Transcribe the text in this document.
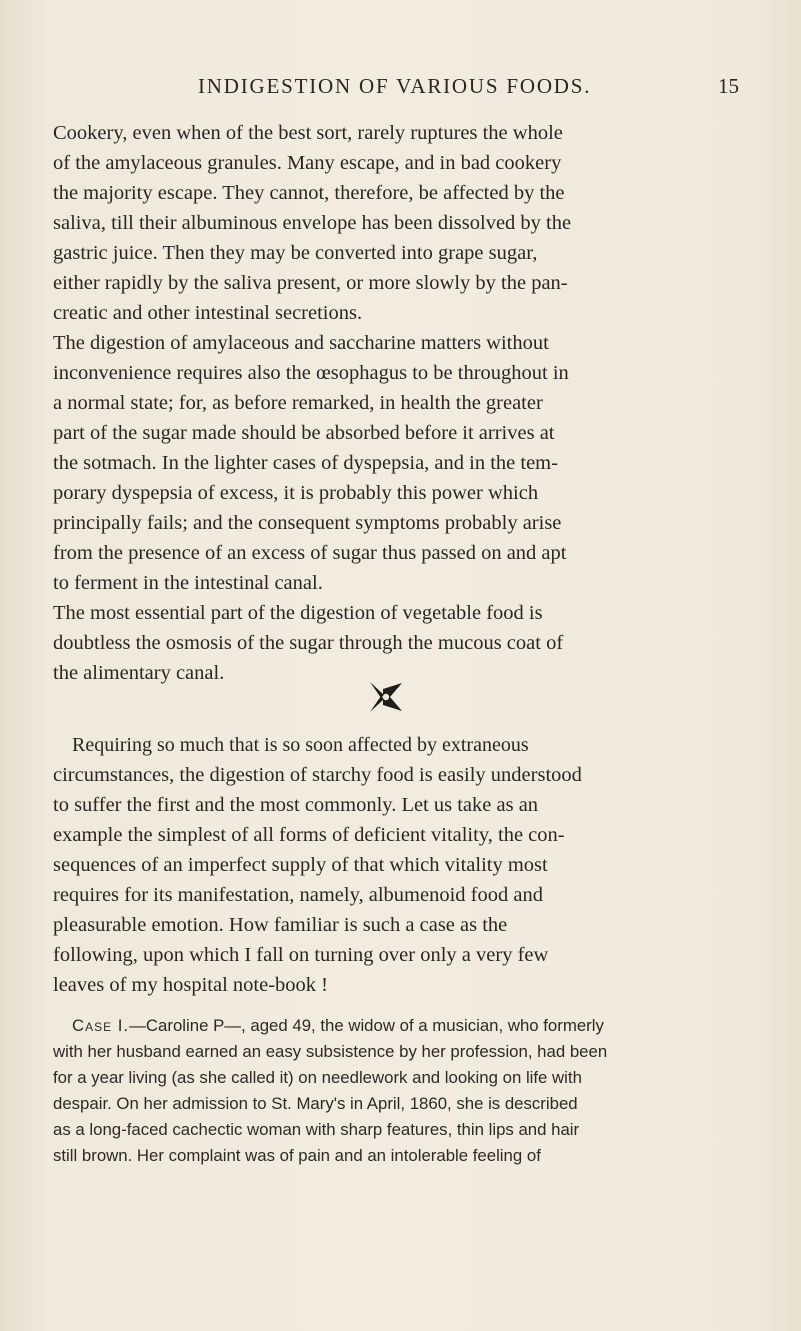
INDIGESTION OF VARIOUS FOODS.	15
Cookery, even when of the best sort, rarely ruptures the whole
of the amylaceous granules. Many escape, and in bad cookery
the majority escape. They cannot, therefore, be affected by the
saliva, till their albuminous envelope has been dissolved by the
gastric juice. Then they may be converted into grape sugar,
either rapidly by the saliva present, or more slowly by the pan-
creatic and other intestinal secretions.
The digestion of amylaceous and saccharine matters without
inconvenience requires also the œsophagus to be throughout in
a normal state; for, as before remarked, in health the greater
part of the sugar made should be absorbed before it arrives at
the sotmach. In the lighter cases of dyspepsia, and in the tem-
porary dyspepsia of excess, it is probably this power which
principally fails; and the consequent symptoms probably arise
from the presence of an excess of sugar thus passed on and apt
to ferment in the intestinal canal.
The most essential part of the digestion of vegetable food is
doubtless the osmosis of the sugar through the mucous coat of
the alimentary canal.
Requiring so much that is so soon affected by extraneous
circumstances, the digestion of starchy food is easily understood
to suffer the first and the most commonly. Let us take as an
example the simplest of all forms of deficient vitality, the con-
sequences of an imperfect supply of that which vitality most
requires for its manifestation, namely, albumenoid food and
pleasurable emotion. How familiar is such a case as the
following, upon which I fall on turning over only a very few
leaves of my hospital note-book !
Case I.—Caroline P—, aged 49, the widow of a musician, who formerly
with her husband earned an easy subsistence by her profession, had been
for a year living (as she called it) on needlework and looking on life with
despair. On her admission to St. Mary's in April, 1860, she is described
as a long-faced cachectic woman with sharp features, thin lips and hair
still brown. Her complaint was of pain and an intolerable feeling of
